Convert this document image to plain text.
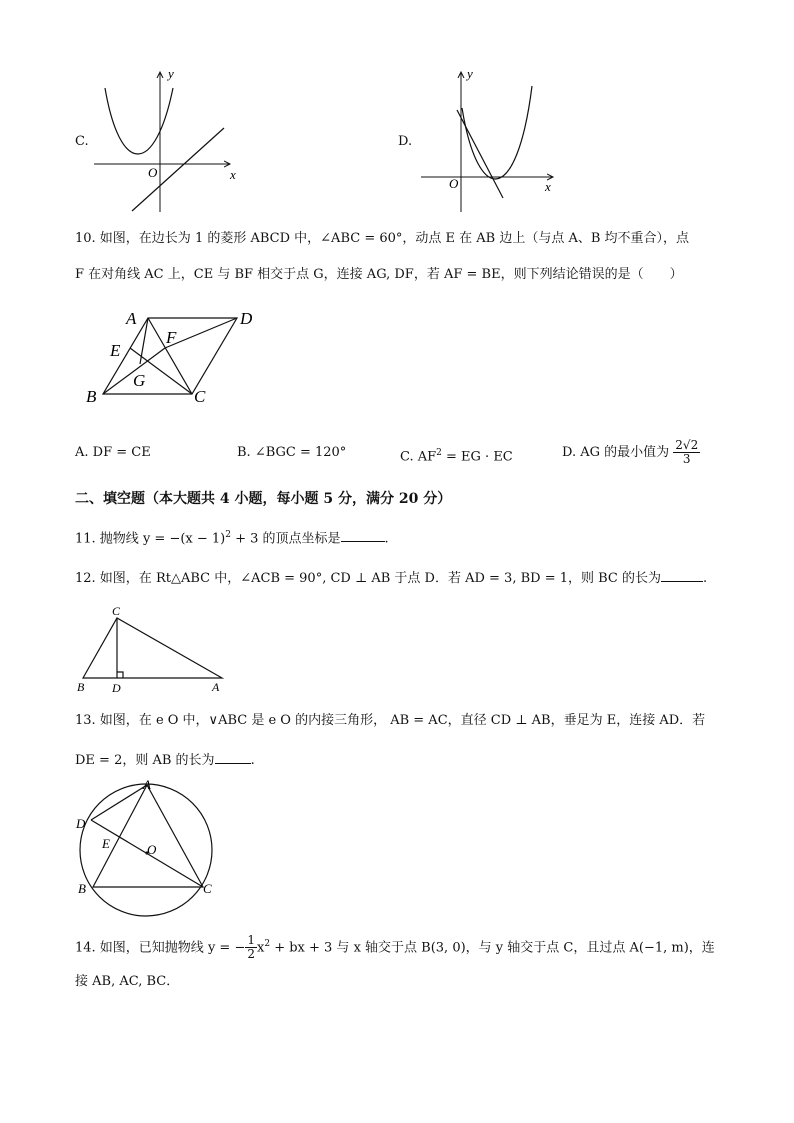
C.
x
y
O
D.
x
y
O
10. 如图，在边长为 1 的菱形 ABCD 中，∠ABC = 60°，动点 E 在 AB 边上（与点 A、B 均不重合），点
F 在对角线 AC 上，CE 与 BF 相交于点 G，连接 AG, DF，若 AF = BE，则下列结论错误的是（　　）
A	D
F
E
G
B	C
A. DF = CE	B. ∠BGC = 120°	C. $AF^2$ = EG · EC	D. AG 的最小值为 $\frac{2√2}{3}$
二、填空题（本大题共 4 小题，每小题 5 分，满分 20 分）
11. 抛物线 $y = -(x - 1)^2 + 3$ 的顶点坐标是	.
12. 如图，在 Rt△ABC 中，∠ACB = 90°, CD ⊥ AB 于点 D．若 AD = 3, BD = 1，则 BC 的长为	.
C
B D	A
13. 如图，在 e O 中，∨ABC 是 e O 的内接三角形， AB = AC，直径 CD ⊥ AB，垂足为 E，连接 AD．若
DE = 2，则 AB 的长为	.
A
D
E	O
B	C
14. 如图，已知抛物线 y = − $\frac{1}{2} x^2$ + bx + 3 与 x 轴交于点 B(3, 0)，与 y 轴交于点 C，且过点 A(−1, m)，连
接 AB, AC, BC．
